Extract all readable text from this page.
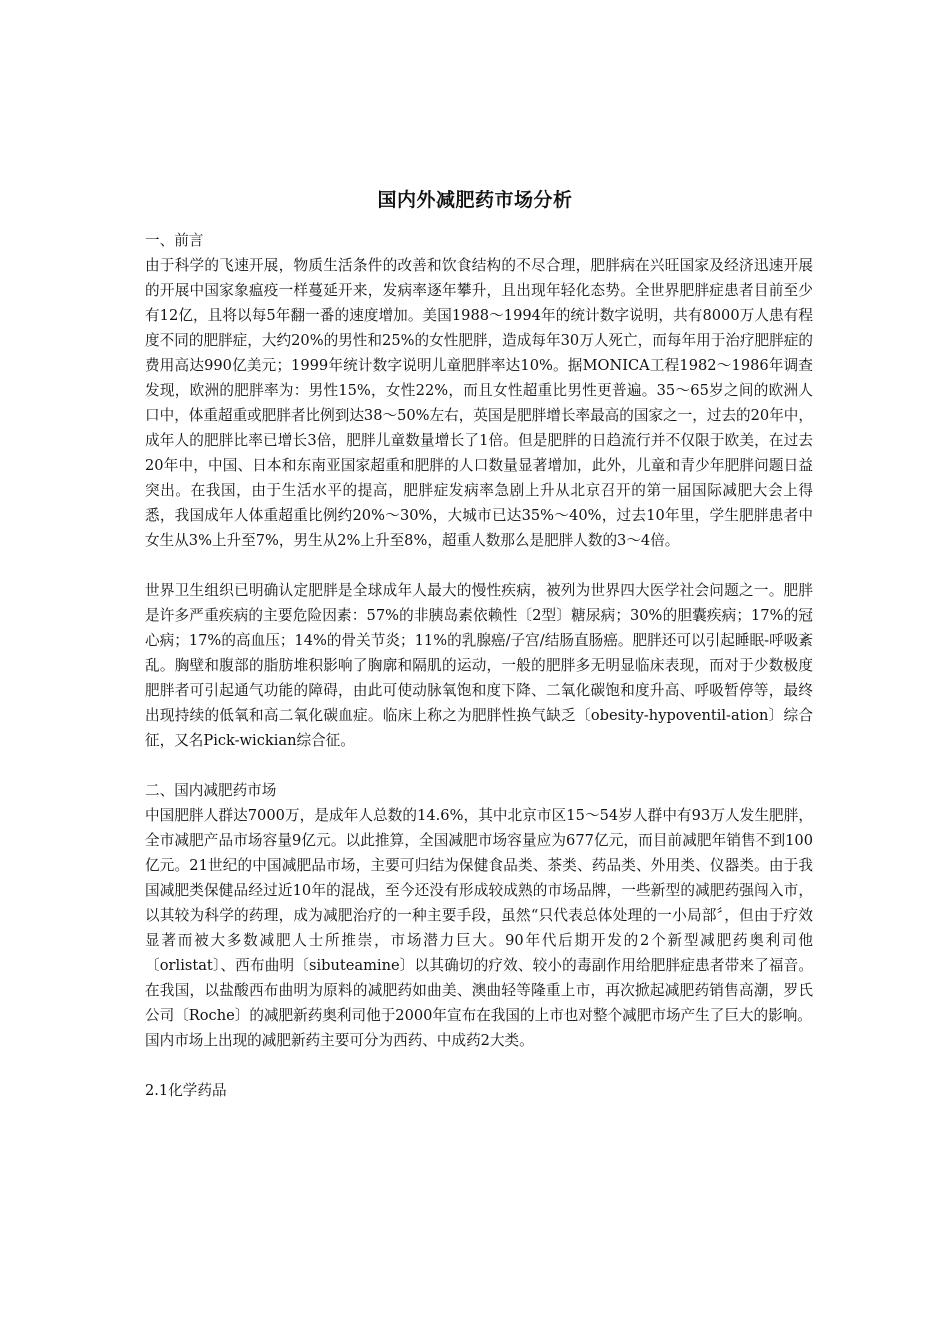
国内外减肥药市场分析

一、前言

由于科学的飞速开展，物质生活条件的改善和饮食结构的不尽合理，肥胖病在兴旺国家及经济迅速开展的开展中国家象瘟疫一样蔓延开来，发病率逐年攀升，且出现年轻化态势。全世界肥胖症患者目前至少有12亿，且将以每5年翻一番的速度增加。美国1988～1994年的统计数字说明，共有8000万人患有程度不同的肥胖症，大约20%的男性和25%的女性肥胖，造成每年30万人死亡，而每年用于治疗肥胖症的费用高达990亿美元；1999年统计数字说明儿童肥胖率达10%。据MONICA工程1982～1986年调查发现，欧洲的肥胖率为：男性15%，女性22%，而且女性超重比男性更普遍。35～65岁之间的欧洲人口中，体重超重或肥胖者比例到达38～50%左右，英国是肥胖增长率最高的国家之一，过去的20年中，成年人的肥胖比率已增长3倍，肥胖儿童数量增长了1倍。但是肥胖的日趋流行并不仅限于欧美，在过去20年中，中国、日本和东南亚国家超重和肥胖的人口数量显著增加，此外，儿童和青少年肥胖问题日益突出。在我国，由于生活水平的提高，肥胖症发病率急剧上升从北京召开的第一届国际减肥大会上得悉，我国成年人体重超重比例约20%～30%，大城市已达35%～40%，过去10年里，学生肥胖患者中女生从3%上升至7%，男生从2%上升至8%，超重人数那么是肥胖人数的3～4倍。

世界卫生组织已明确认定肥胖是全球成年人最大的慢性疾病，被列为世界四大医学社会问题之一。肥胖是许多严重疾病的主要危险因素：57%的非胰岛素依赖性〔2型〕糖尿病；30%的胆囊疾病；17%的冠心病；17%的高血压；14%的骨关节炎；11%的乳腺癌/子宫/结肠直肠癌。肥胖还可以引起睡眠-呼吸紊乱。胸壁和腹部的脂肪堆积影响了胸廓和隔肌的运动，一般的肥胖多无明显临床表现，而对于少数极度肥胖者可引起通气功能的障碍，由此可使动脉氧饱和度下降、二氧化碳饱和度升高、呼吸暂停等，最终出现持续的低氧和高二氧化碳血症。临床上称之为肥胖性换气缺乏〔obesity-hypoventil-ation〕综合征，又名Pick-wickian综合征。

二、国内减肥药市场

中国肥胖人群达7000万，是成年人总数的14.6%，其中北京市区15～54岁人群中有93万人发生肥胖，全市减肥产品市场容量9亿元。以此推算，全国减肥市场容量应为677亿元，而目前减肥年销售不到100亿元。21世纪的中国减肥品市场，主要可归结为保健食品类、茶类、药品类、外用类、仪器类。由于我国减肥类保健品经过近10年的混战，至今还没有形成较成熟的市场品牌，一些新型的减肥药强闯入市，以其较为科学的药理，成为减肥治疗的一种主要手段，虽然“只代表总体处理的一小局部〞，但由于疗效显著而被大多数减肥人士所推崇，市场潜力巨大。90年代后期开发的2个新型减肥药奥利司他〔orlistat〕、西布曲明〔sibuteamine〕以其确切的疗效、较小的毒副作用给肥胖症患者带来了福音。在我国，以盐酸西布曲明为原料的减肥药如曲美、澳曲轻等隆重上市，再次掀起减肥药销售高潮，罗氏公司〔Roche〕的减肥新药奥利司他于2000年宣布在我国的上市也对整个减肥市场产生了巨大的影响。

国内市场上出现的减肥新药主要可分为西药、中成药2大类。

2.1化学药品
